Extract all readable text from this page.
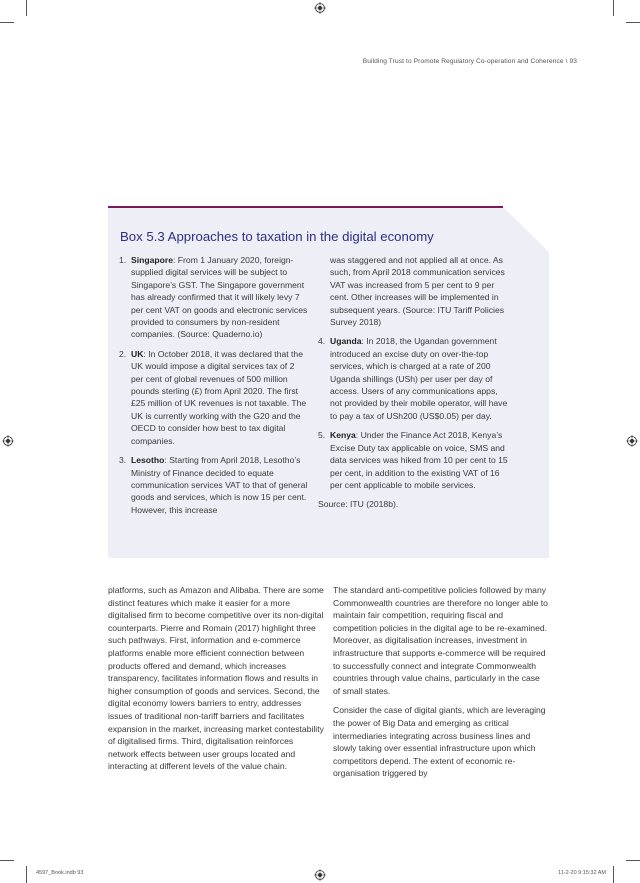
Building Trust to Promote Regulatory Co-operation and Coherence \ 93
Box 5.3 Approaches to taxation in the digital economy
1. Singapore: From 1 January 2020, foreign-supplied digital services will be subject to Singapore’s GST. The Singapore government has already confirmed that it will likely levy 7 per cent VAT on goods and electronic services provided to consumers by non-resident companies. (Source: Quaderno.io)
2. UK: In October 2018, it was declared that the UK would impose a digital services tax of 2 per cent of global revenues of 500 million pounds sterling (£) from April 2020. The first £25 million of UK revenues is not taxable. The UK is currently working with the G20 and the OECD to consider how best to tax digital companies.
3. Lesotho: Starting from April 2018, Lesotho’s Ministry of Finance decided to equate communication services VAT to that of general goods and services, which is now 15 per cent. However, this increase

was staggered and not applied all at once. As such, from April 2018 communication services VAT was increased from 5 per cent to 9 per cent. Other increases will be implemented in subsequent years. (Source: ITU Tariff Policies Survey 2018)

4. Uganda: In 2018, the Ugandan government introduced an excise duty on over-the-top services, which is charged at a rate of 200 Uganda shillings (USh) per user per day of access. Users of any communications apps, not provided by their mobile operator, will have to pay a tax of USh200 (US$0.05) per day.
5. Kenya: Under the Finance Act 2018, Kenya’s Excise Duty tax applicable on voice, SMS and data services was hiked from 10 per cent to 15 per cent, in addition to the existing VAT of 16 per cent applicable to mobile services.

Source: ITU (2018b).

platforms, such as Amazon and Alibaba. There are some distinct features which make it easier for a more digitalised firm to become competitive over its non-digital counterparts. Pierre and Romain (2017) highlight three such pathways. First, information and e-commerce platforms enable more efficient connection between products offered and demand, which increases transparency, facilitates information flows and results in higher consumption of goods and services. Second, the digital economy lowers barriers to entry, addresses issues of traditional non-tariff barriers and facilitates expansion in the market, increasing market contestability of digitalised firms. Third, digitalisation reinforces network effects between user groups located and interacting at different levels of the value chain.

The standard anti-competitive policies followed by many Commonwealth countries are therefore no longer able to maintain fair competition, requiring fiscal and competition policies in the digital age to be re-examined. Moreover, as digitalisation increases, investment in infrastructure that supports e-commerce will be required to successfully connect and integrate Commonwealth countries through value chains, particularly in the case of small states.

Consider the case of digital giants, which are leveraging the power of Big Data and emerging as critical intermediaries integrating across business lines and slowly taking over essential infrastructure upon which competitors depend. The extent of economic re-organisation triggered by

4597_Book.indb 93	11-2-20 9:15:32 AM
